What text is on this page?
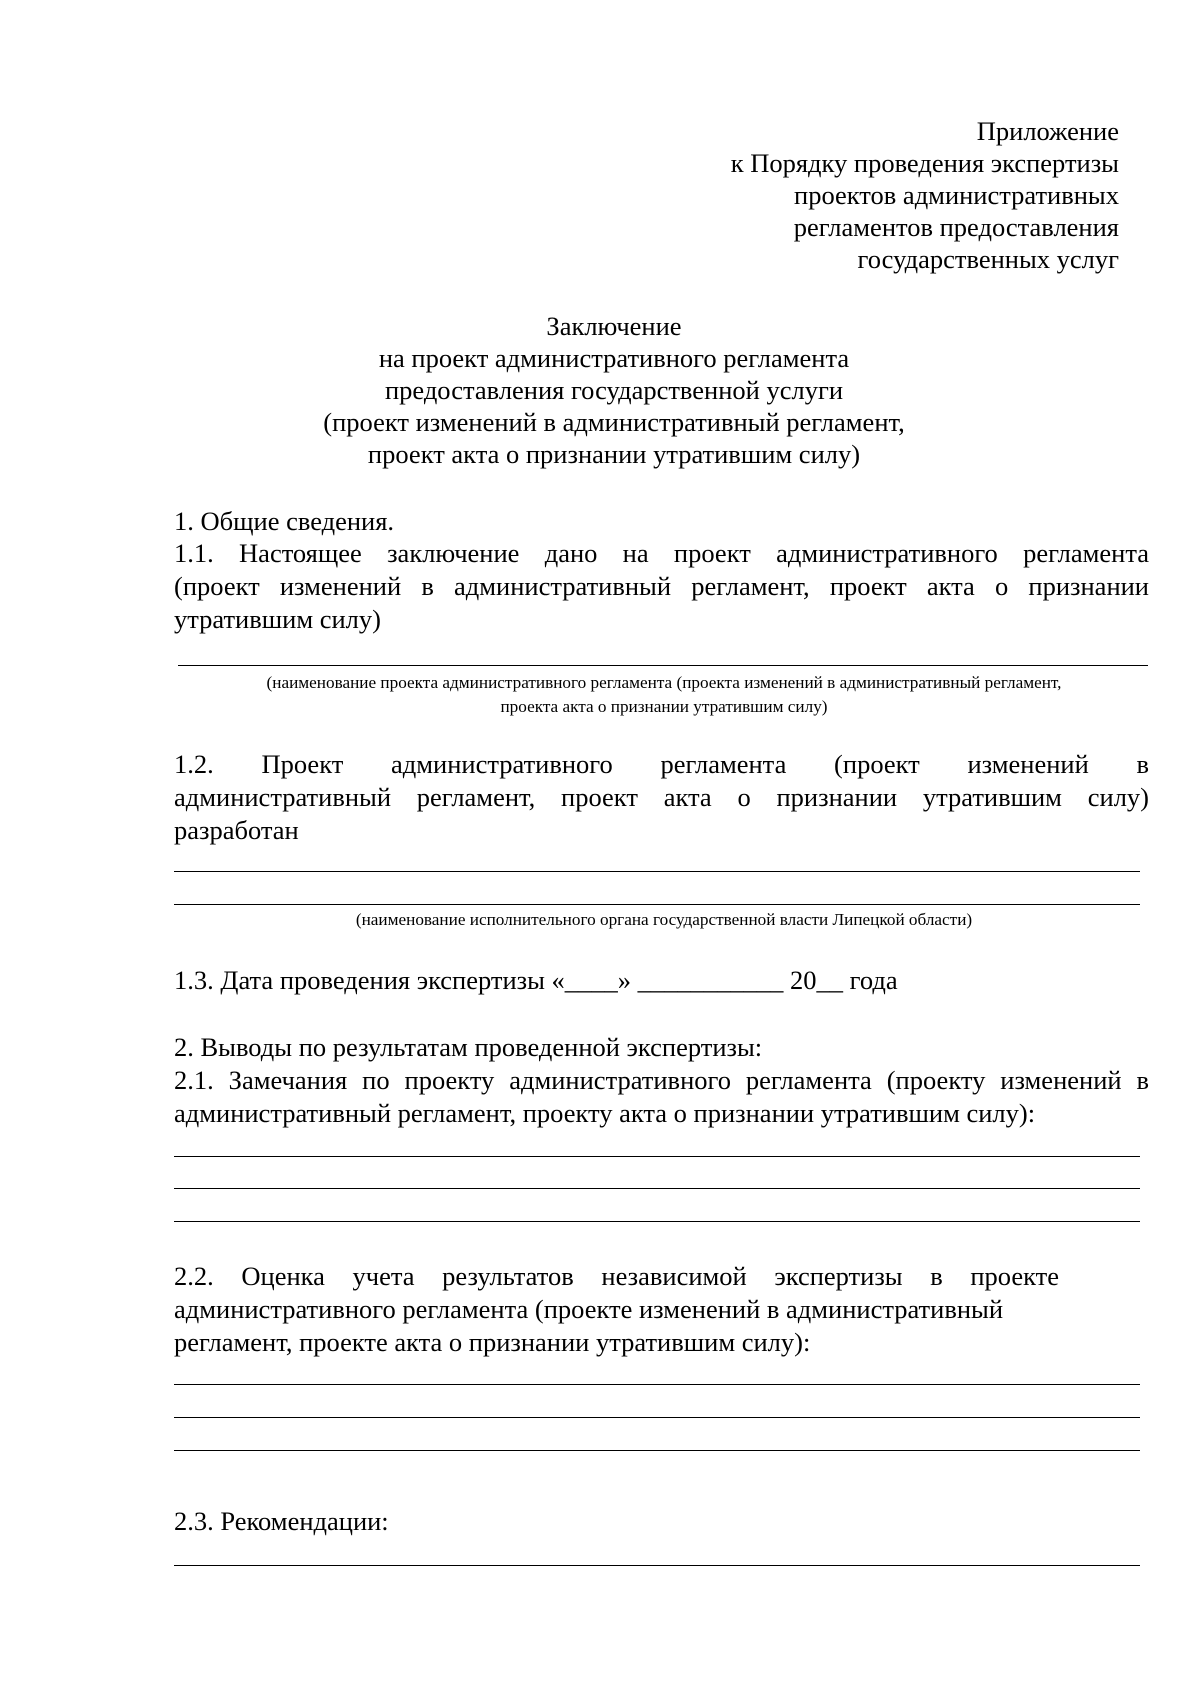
Приложение
к Порядку проведения экспертизы
проектов административных
регламентов предоставления
государственных услуг
Заключение
на проект административного регламента
предоставления государственной услуги
(проект изменений в административный регламент,
проект акта о признании утратившим силу)
1. Общие сведения.
1.1. Настоящее заключение дано на проект административного регламента
(проект изменений в административный регламент, проект акта о признании
утратившим силу)
(наименование проекта административного регламента (проекта изменений в административный регламент,
проекта акта о признании утратившим силу)
1.2. Проект административного регламента (проект изменений в
административный регламент, проект акта о признании утратившим силу)
разработан
(наименование исполнительного органа государственной власти Липецкой области)
1.3. Дата проведения экспертизы «____» ___________ 20__ года
2. Выводы по результатам проведенной экспертизы:
2.1. Замечания по проекту административного регламента (проекту изменений в
административный регламент, проекту акта о признании утратившим силу):
2.2. Оценка учета результатов независимой экспертизы в проекте
административного регламента (проекте изменений в административный
регламент, проекте акта о признании утратившим силу):
2.3. Рекомендации:
